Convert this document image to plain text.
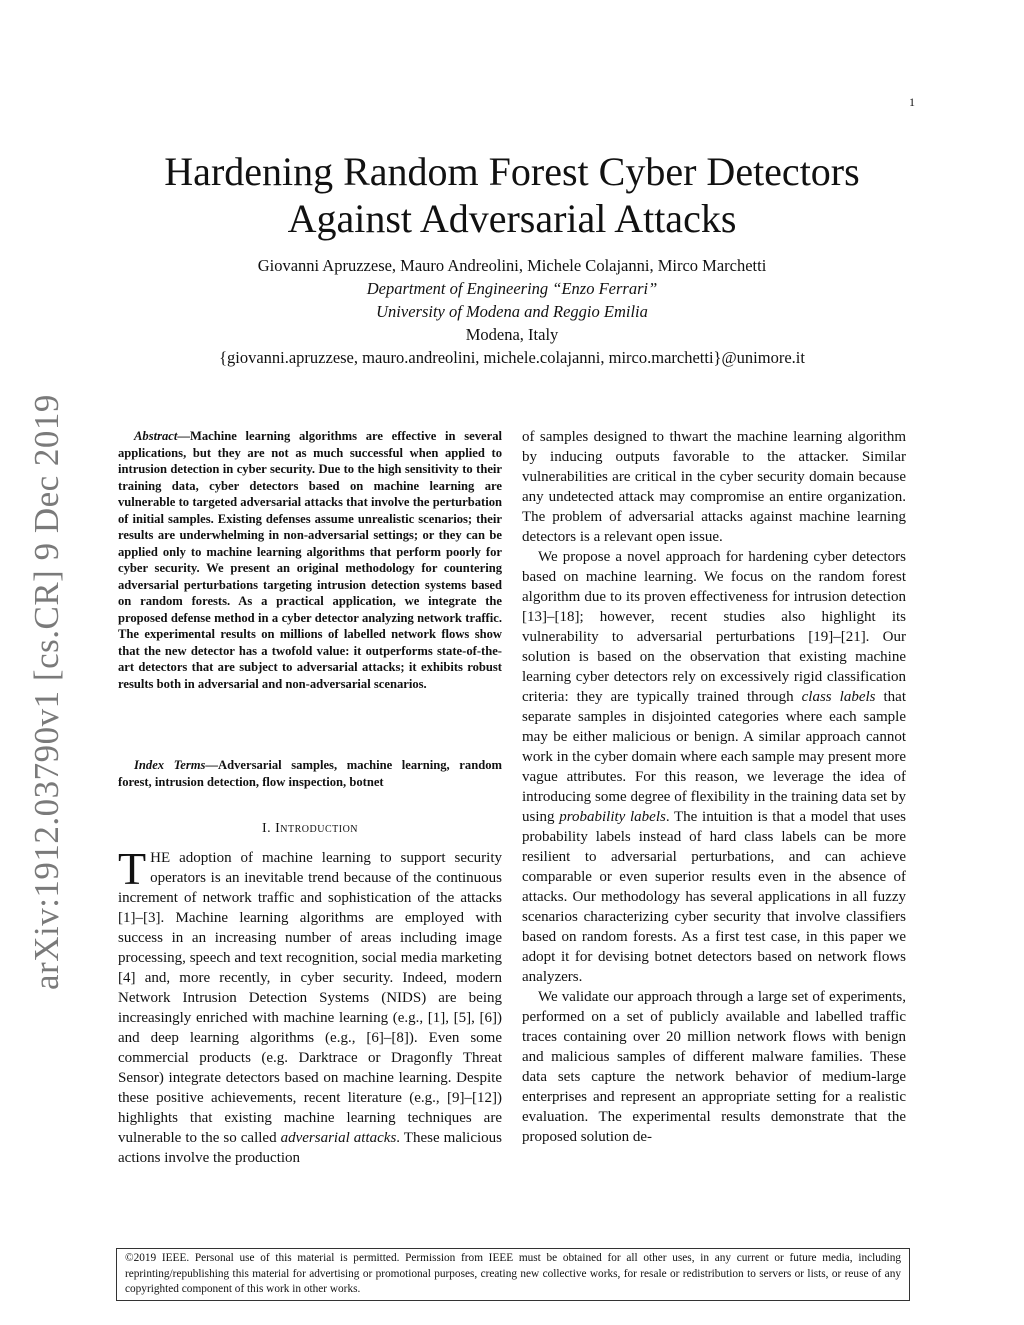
1
arXiv:1912.03790v1 [cs.CR] 9 Dec 2019
Hardening Random Forest Cyber Detectors
Against Adversarial Attacks
Giovanni Apruzzese, Mauro Andreolini, Michele Colajanni, Mirco Marchetti
Department of Engineering “Enzo Ferrari”
University of Modena and Reggio Emilia
Modena, Italy
{giovanni.apruzzese, mauro.andreolini, michele.colajanni, mirco.marchetti}@unimore.it
Abstract—Machine learning algorithms are effective in several applications, but they are not as much successful when applied to intrusion detection in cyber security. Due to the high sensitivity to their training data, cyber detectors based on machine learning are vulnerable to targeted adversarial attacks that involve the perturbation of initial samples. Existing defenses assume unrealistic scenarios; their results are underwhelming in non-adversarial settings; or they can be applied only to machine learning algorithms that perform poorly for cyber security. We present an original methodology for countering adversarial perturbations targeting intrusion detection systems based on random forests. As a practical application, we integrate the proposed defense method in a cyber detector analyzing network traffic. The experimental results on millions of labelled network flows show that the new detector has a twofold value: it outperforms state-of-the-art detectors that are subject to adversarial attacks; it exhibits robust results both in adversarial and non-adversarial scenarios.
Index Terms—Adversarial samples, machine learning, random forest, intrusion detection, flow inspection, botnet
I. Introduction

THE adoption of machine learning to support security operators is an inevitable trend because of the continuous increment of network traffic and sophistication of the attacks [1]–[3]. Machine learning algorithms are employed with success in an increasing number of areas including image processing, speech and text recognition, social media marketing [4] and, more recently, in cyber security. Indeed, modern Network Intrusion Detection Systems (NIDS) are being increasingly enriched with machine learning (e.g., [1], [5], [6]) and deep learning algorithms (e.g., [6]–[8]). Even some commercial products (e.g. Darktrace or Dragonfly Threat Sensor) integrate detectors based on machine learning. Despite these positive achievements, recent literature (e.g., [9]–[12]) highlights that existing machine learning techniques are vulnerable to the so called adversarial attacks. These malicious actions involve the production

of samples designed to thwart the machine learning algorithm by inducing outputs favorable to the attacker. Similar vulnerabilities are critical in the cyber security domain because any undetected attack may compromise an entire organization. The problem of adversarial attacks against machine learning detectors is a relevant open issue.

We propose a novel approach for hardening cyber detectors based on machine learning. We focus on the random forest algorithm due to its proven effectiveness for intrusion detection [13]–[18]; however, recent studies also highlight its vulnerability to adversarial perturbations [19]–[21]. Our solution is based on the observation that existing machine learning cyber detectors rely on excessively rigid classification criteria: they are typically trained through class labels that separate samples in disjointed categories where each sample may be either malicious or benign. A similar approach cannot work in the cyber domain where each sample may present more vague attributes. For this reason, we leverage the idea of introducing some degree of flexibility in the training data set by using probability labels. The intuition is that a model that uses probability labels instead of hard class labels can be more resilient to adversarial perturbations, and can achieve comparable or even superior results even in the absence of attacks. Our methodology has several applications in all fuzzy scenarios characterizing cyber security that involve classifiers based on random forests. As a first test case, in this paper we adopt it for devising botnet detectors based on network flows analyzers.

We validate our approach through a large set of experiments, performed on a set of publicly available and labelled traffic traces containing over 20 million network flows with benign and malicious samples of different malware families. These data sets capture the network behavior of medium-large enterprises and represent an appropriate setting for a realistic evaluation. The experimental results demonstrate that the proposed solution de-

©2019 IEEE. Personal use of this material is permitted. Permission from IEEE must be obtained for all other uses, in any current or future media, including reprinting/republishing this material for advertising or promotional purposes, creating new collective works, for resale or redistribution to servers or lists, or reuse of any copyrighted component of this work in other works.
